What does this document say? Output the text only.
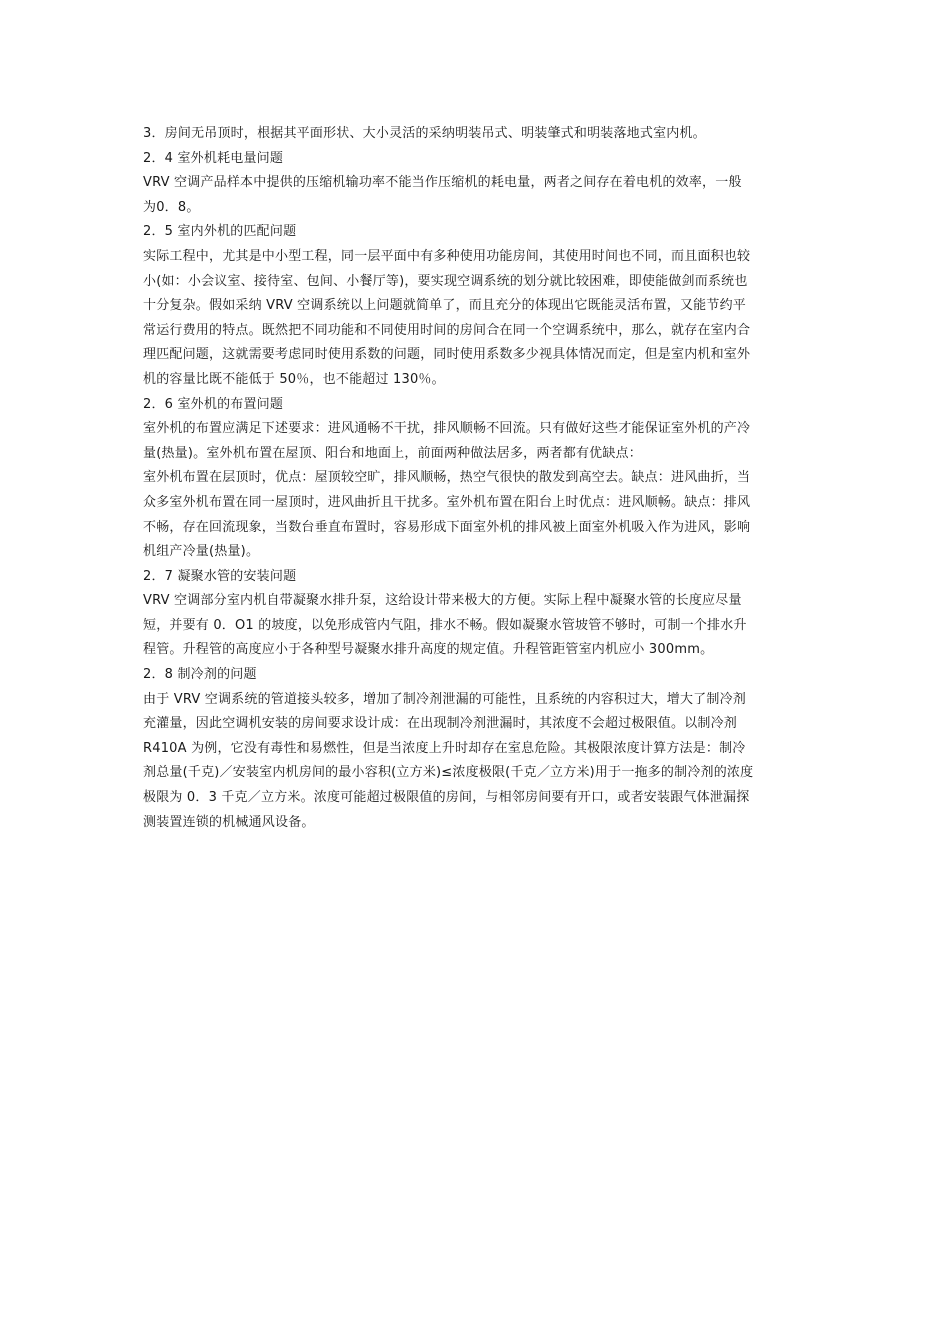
3．房间无吊顶时，根据其平面形状、大小灵活的采纳明装吊式、明装肇式和明装落地式室内机。
2．4 室外机耗电量问题
VRV 空调产品样本中提供的压缩机输功率不能当作压缩机的耗电量，两者之间存在着电机的效率，一般
为0．8。
2．5 室内外机的匹配问题
实际工程中，尤其是中小型工程，同一层平面中有多种使用功能房间，其使用时间也不同，而且面积也较
小(如：小会议室、接待室、包间、小餐厅等)，要实现空调系统的划分就比较困难，即使能做剑而系统也
十分复杂。假如采纳 VRV 空调系统以上问题就简单了，而且充分的体现出它既能灵活布置，又能节约平
常运行费用的特点。既然把不同功能和不同使用时间的房间合在同一个空调系统中，那么，就存在室内合
理匹配问题，这就需要考虑同时使用系数的问题，同时使用系数多少视具体情况而定，但是室内机和室外
机的容量比既不能低于 50％，也不能超过 130％。
2．6 室外机的布置问题
室外机的布置应满足下述要求：进风通畅不干扰，排风顺畅不回流。只有做好这些才能保证室外机的产冷
量(热量)。室外机布置在屋顶、阳台和地面上，前面两种做法居多，两者都有优缺点：
室外机布置在层顶时，优点：屋顶较空旷，排风顺畅，热空气很快的散发到高空去。缺点：进风曲折，当
众多室外机布置在同一屋顶时，进风曲折且干扰多。室外机布置在阳台上时优点：进风顺畅。缺点：排风
不畅，存在回流现象，当数台垂直布置时，容易形成下面室外机的排风被上面室外机吸入作为进风，影响
机组产冷量(热量)。
2．7 凝聚水管的安装问题
VRV 空调部分室内机自带凝聚水排升泵，这给设计带来极大的方便。实际上程中凝聚水管的长度应尽量
短，并要有 0．O1 的坡度，以免形成管内气阻，排水不畅。假如凝聚水管坡管不够时，可制一个排水升
程管。升程管的高度应小于各种型号凝聚水排升高度的规定值。升程管距管室内机应小 300mm。
2．8 制冷剂的问题
由于 VRV 空调系统的管道接头较多，增加了制冷剂泄漏的可能性，且系统的内容积过大，增大了制冷剂
充灌量，因此空调机安装的房间要求设计成：在出现制冷剂泄漏时，其浓度不会超过极限值。以制冷剂
R410A 为例，它没有毒性和易燃性，但是当浓度上升时却存在室息危险。其极限浓度计算方法是：制冷
剂总量(千克)／安装室内机房间的最小容积(立方米)≤浓度极限(千克／立方米)用于一拖多的制冷剂的浓度
极限为 0．3 千克／立方米。浓度可能超过极限值的房间，与相邻房间要有开口，或者安装跟气体泄漏探
测装置连锁的机械通风设备。
